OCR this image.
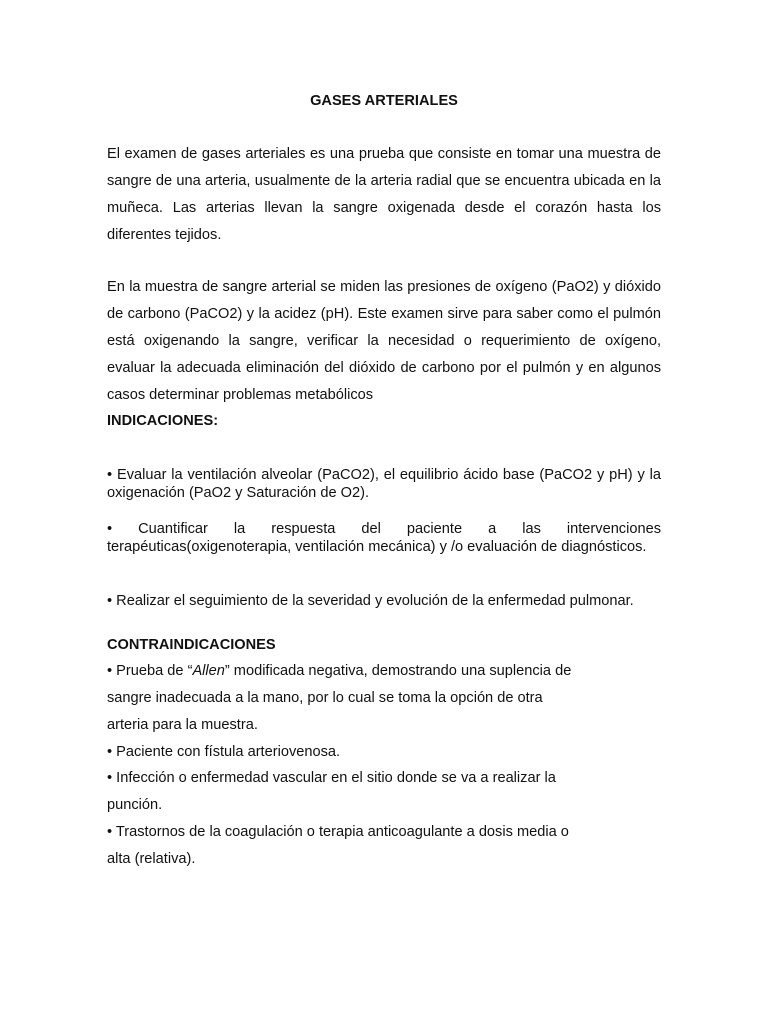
GASES ARTERIALES
El examen de gases arteriales es una prueba que consiste en tomar una muestra de sangre de una arteria, usualmente de la arteria radial que se encuentra ubicada en la muñeca. Las arterias llevan la sangre oxigenada desde el corazón hasta los diferentes tejidos.
En la muestra de sangre arterial se miden las presiones de oxígeno (PaO2) y dióxido de carbono (PaCO2) y la acidez (pH). Este examen sirve para saber como el pulmón está oxigenando la sangre, verificar la necesidad o requerimiento de oxígeno, evaluar la adecuada eliminación del dióxido de carbono por el pulmón y en algunos casos determinar problemas metabólicos
INDICACIONES:
• Evaluar la ventilación alveolar (PaCO2), el equilibrio ácido base (PaCO2 y pH) y la oxigenación (PaO2 y Saturación de O2).
• Cuantificar la respuesta del paciente a las intervenciones terapéuticas(oxigenoterapia, ventilación mecánica) y /o evaluación de diagnósticos.
• Realizar el seguimiento de la severidad y evolución de la enfermedad pulmonar.
CONTRAINDICACIONES
• Prueba de “Allen” modificada negativa, demostrando una suplencia de
sangre inadecuada a la mano, por lo cual se toma la opción de otra
arteria para la muestra.
• Paciente con fístula arteriovenosa.
• Infección o enfermedad vascular en el sitio donde se va a realizar la
punción.
• Trastornos de la coagulación o terapia anticoagulante a dosis media o
alta (relativa).
